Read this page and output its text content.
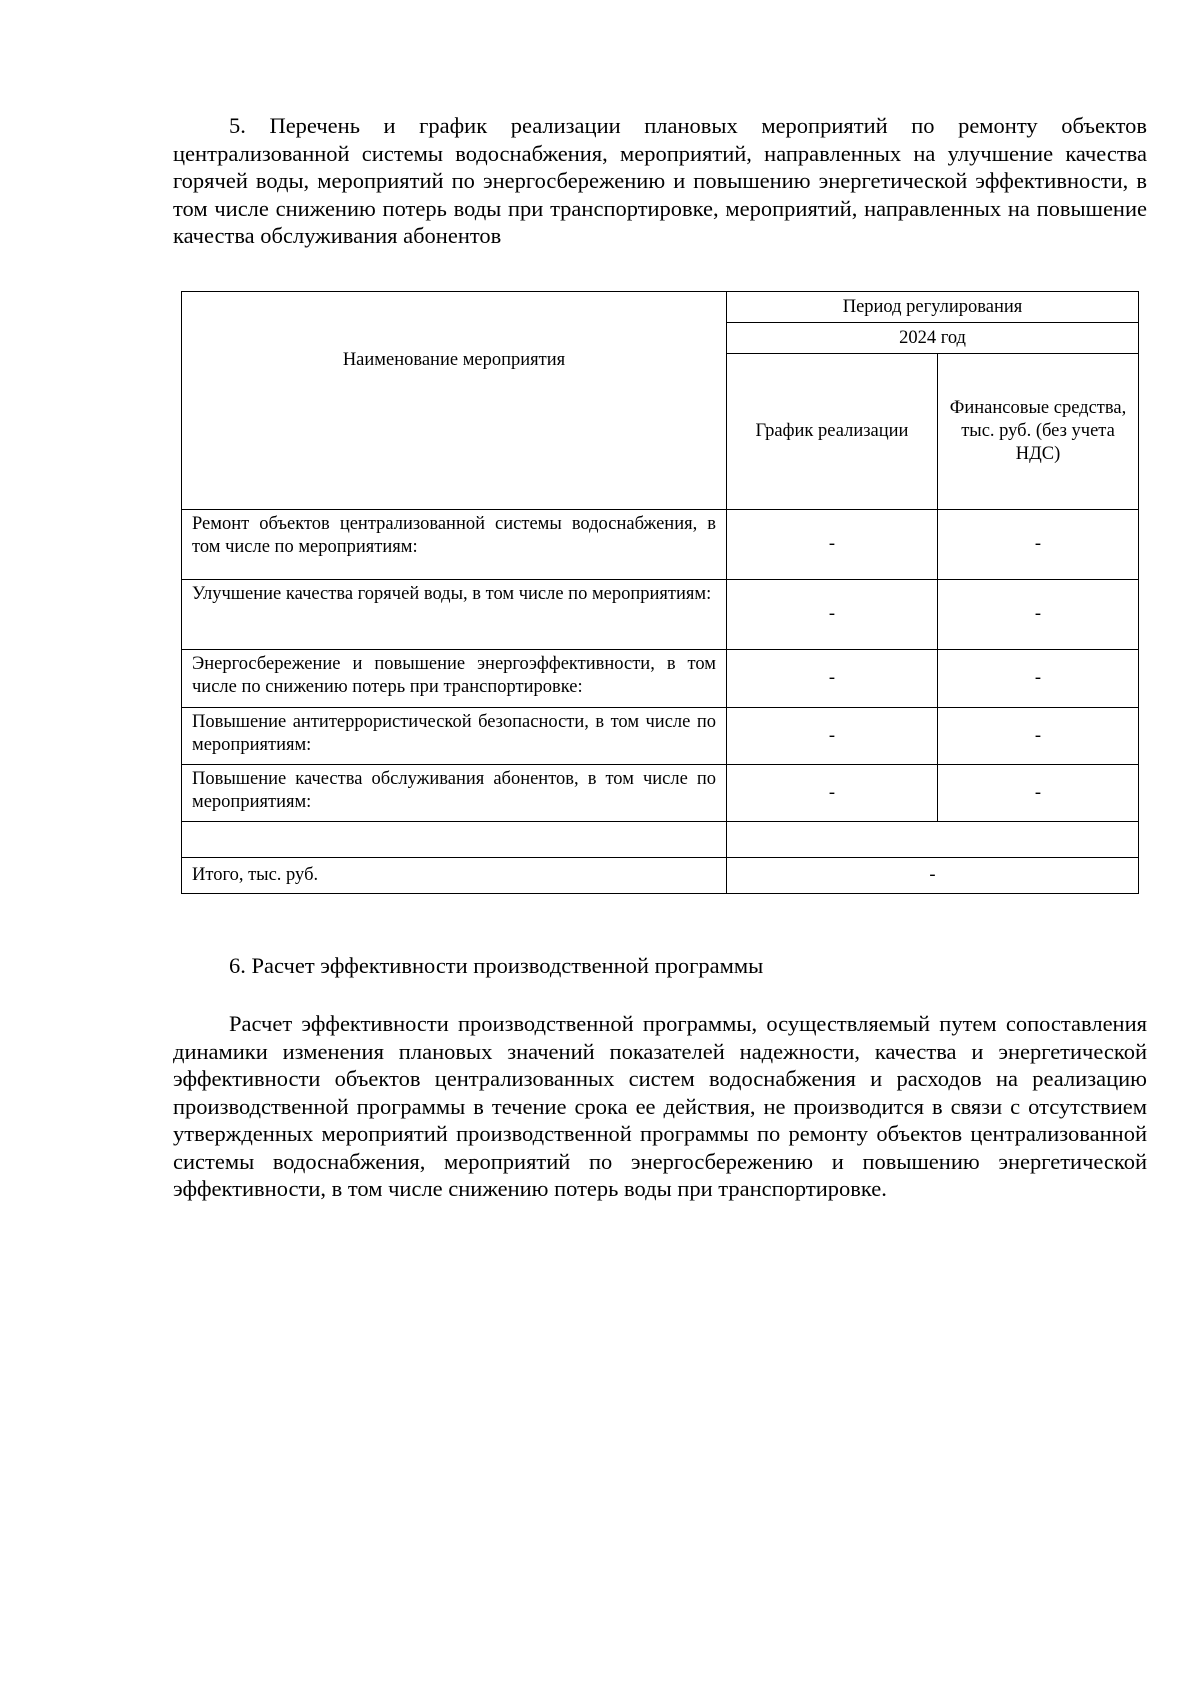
5. Перечень и график реализации плановых мероприятий по ремонту объектов централизованной системы водоснабжения, мероприятий, направленных на улучшение качества горячей воды, мероприятий по энергосбережению и повышению энергетической эффективности, в том числе снижению потерь воды при транспортировке, мероприятий, направленных на повышение качества обслуживания абонентов

Наименование мероприятия	Период регулирования	
	2024 год	
	График реализации	Финансовые средства, тыс. руб. (без учета НДС)
Ремонт объектов централизованной системы водоснабжения, в том числе по мероприятиям:	-	-
Улучшение качества горячей воды, в том числе по мероприятиям:	-	-
Энергосбережение и повышение энергоэффективности, в том числе по снижению потерь при транспортировке:	-	-
Повышение антитеррористической безопасности, в том числе по мероприятиям:	-	-
Повышение качества обслуживания абонентов, в том числе по мероприятиям:	-	-

Итого, тыс. руб.	-	

6. Расчет эффективности производственной программы

Расчет эффективности производственной программы, осуществляемый путем сопоставления динамики изменения плановых значений показателей надежности, качества и энергетической эффективности объектов централизованных систем водоснабжения и расходов на реализацию производственной программы в течение срока ее действия, не производится в связи с отсутствием утвержденных мероприятий производственной программы по ремонту объектов централизованной системы водоснабжения, мероприятий по энергосбережению и повышению энергетической эффективности, в том числе снижению потерь воды при транспортировке.
